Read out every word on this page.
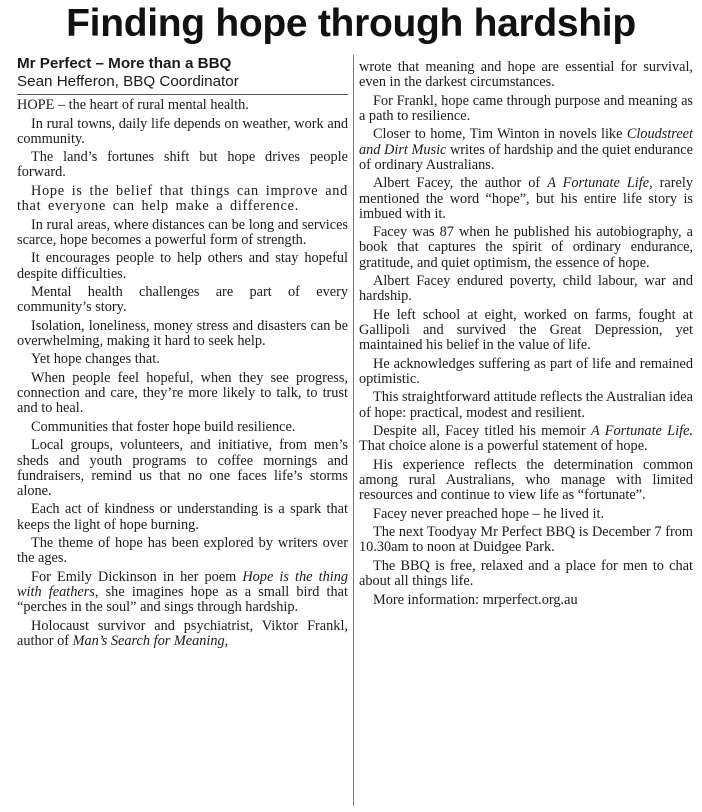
Finding hope through hardship
Mr Perfect – More than a BBQ
Sean Hefferon, BBQ Coordinator

HOPE – the heart of rural mental health.

In rural towns, daily life depends on weather, work and community.

The land’s fortunes shift but hope drives people forward.

Hope is the belief that things can improve and that everyone can help make a difference.

In rural areas, where distances can be long and services scarce, hope becomes a powerful form of strength.

It encourages people to help others and stay hopeful despite difficulties.

Mental health challenges are part of every community’s story.

Isolation, loneliness, money stress and disasters can be overwhelming, making it hard to seek help.

Yet hope changes that.

When people feel hopeful, when they see progress, connection and care, they’re more likely to talk, to trust and to heal.

Communities that foster hope build resilience.

Local groups, volunteers, and initiative, from men’s sheds and youth programs to coffee mornings and fundraisers, remind us that no one faces life’s storms alone.

Each act of kindness or understanding is a spark that keeps the light of hope burning.

The theme of hope has been explored by writers over the ages.

For Emily Dickinson in her poem Hope is the thing with feathers, she imagines hope as a small bird that “perches in the soul” and sings through hardship.

Holocaust survivor and psychiatrist, Viktor Frankl, author of Man’s Search for Meaning,

wrote that meaning and hope are essential for survival, even in the darkest circumstances.

For Frankl, hope came through purpose and meaning as a path to resilience.

Closer to home, Tim Winton in novels like Cloudstreet and Dirt Music writes of hardship and the quiet endurance of ordinary Australians.

Albert Facey, the author of A Fortunate Life, rarely mentioned the word “hope”, but his entire life story is imbued with it.

Facey was 87 when he published his autobiography, a book that captures the spirit of ordinary endurance, gratitude, and quiet optimism, the essence of hope.

Albert Facey endured poverty, child labour, war and hardship.

He left school at eight, worked on farms, fought at Gallipoli and survived the Great Depression, yet maintained his belief in the value of life.

He acknowledges suffering as part of life and remained optimistic.

This straightforward attitude reflects the Australian idea of hope: practical, modest and resilient.

Despite all, Facey titled his memoir A Fortunate Life. That choice alone is a powerful statement of hope.

His experience reflects the determination common among rural Australians, who manage with limited resources and continue to view life as “fortunate”.

Facey never preached hope – he lived it.

The next Toodyay Mr Perfect BBQ is December 7 from 10.30am to noon at Duidgee Park.

The BBQ is free, relaxed and a place for men to chat about all things life.

More information: mrperfect.org.au
